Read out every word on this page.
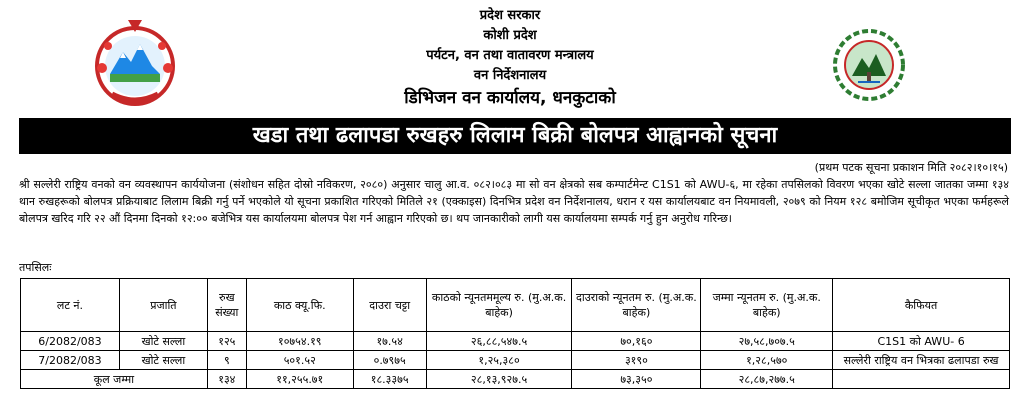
प्रदेश सरकार
कोशी प्रदेश
पर्यटन, वन तथा वातावरण मन्त्रालय
वन निर्देशनालय
डिभिजन वन कार्यालय, धनकुटाको
खडा तथा ढलापडा रुखहरु लिलाम बिक्री बोलपत्र आह्वानको सूचना
(प्रथम पटक सूचना प्रकाशन मिति २०८२।१०।१५)
श्री सल्लेरी राष्ट्रिय वनको वन व्यवस्थापन कार्ययोजना (संशोधन सहित दोस्रो नविकरण, २०८०) अनुसार चालु आ.व. ०८२।०८३ मा सो वन क्षेत्रको सब कम्पार्टमेन्ट C1S1 को AWU-६, मा रहेका तपसिलको विवरण भएका खोटे सल्ला जातका जम्मा १३४ थान रुखहरूको बोलपत्र प्रक्रियाबाट लिलाम बिक्री गर्नु पर्ने भएकोले यो सूचना प्रकाशित गरिएको मितिले २१ (एक्काइस) दिनभित्र प्रदेश वन निर्देशनालय, धरान र यस कार्यालयबाट वन नियमावली, २०७९ को नियम १२८ बमोजिम सूचीकृत भएका फर्महरूले बोलपत्र खरिद गरि २२ औं दिनमा दिनको १२:०० बजेभित्र यस कार्यालयमा बोलपत्र पेश गर्न आह्वान गरिएको छ। थप जानकारीको लागी यस कार्यालयमा सम्पर्क गर्नु हुन अनुरोध गरिन्छ।
तपसिलः
लट नं.	प्रजाति	रुख संख्या	काठ क्यू.फि.	दाउरा चट्टा	काठको न्यूनतममूल्य रु. (मु.अ.क. बाहेक)	दाउराको न्यूनतम रु. (मु.अ.क. बाहेक)	जम्मा न्यूनतम रु. (मु.अ.क. बाहेक)	कैफियत
6/2082/083	खोटे सल्ला	१२५	१०७५४.१९	१७.५४	२६,८८,५४७.५	७०,१६०	२७,५८,७०७.५	C1S1 को AWU- 6
7/2082/083	खोटे सल्ला	९	५०१.५२	०.७९७५	१,२५,३८०	३१९०	१,२८,५७०	सल्लेरी राष्ट्रिय वन भित्रका ढलापडा रुख
कूल जम्मा		१३४	११,२५५.७१	१८.३३७५	२८,१३,९२७.५	७३,३५०	२८,८७,२७७.५	
